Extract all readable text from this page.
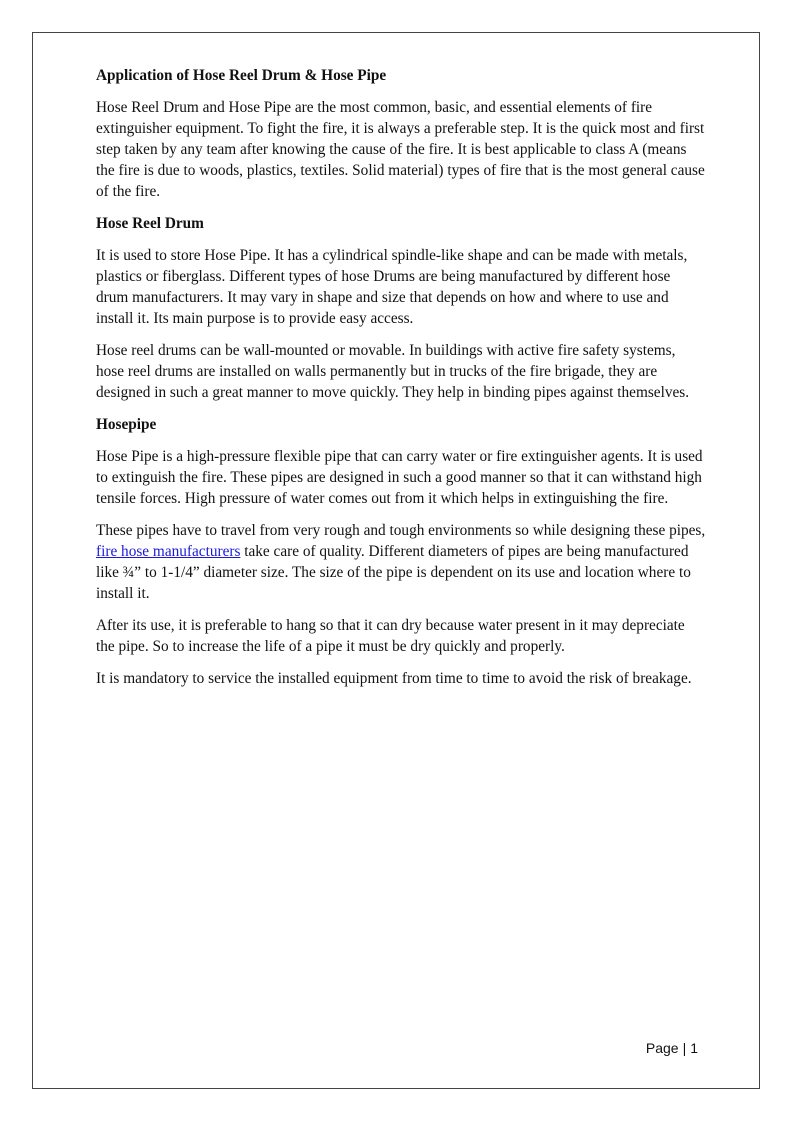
Application of Hose Reel Drum & Hose Pipe

Hose Reel Drum and Hose Pipe are the most common, basic, and essential elements of fire extinguisher equipment. To fight the fire, it is always a preferable step. It is the quick most and first step taken by any team after knowing the cause of the fire. It is best applicable to class A (means the fire is due to woods, plastics, textiles. Solid material) types of fire that is the most general cause of the fire.

Hose Reel Drum

It is used to store Hose Pipe. It has a cylindrical spindle-like shape and can be made with metals, plastics or fiberglass. Different types of hose Drums are being manufactured by different hose drum manufacturers. It may vary in shape and size that depends on how and where to use and install it. Its main purpose is to provide easy access.

Hose reel drums can be wall-mounted or movable. In buildings with active fire safety systems, hose reel drums are installed on walls permanently but in trucks of the fire brigade, they are designed in such a great manner to move quickly. They help in binding pipes against themselves.

Hosepipe

Hose Pipe is a high-pressure flexible pipe that can carry water or fire extinguisher agents. It is used to extinguish the fire. These pipes are designed in such a good manner so that it can withstand high tensile forces. High pressure of water comes out from it which helps in extinguishing the fire.

These pipes have to travel from very rough and tough environments so while designing these pipes, fire hose manufacturers take care of quality. Different diameters of pipes are being manufactured like ¾” to 1-1/4” diameter size. The size of the pipe is dependent on its use and location where to install it.

After its use, it is preferable to hang so that it can dry because water present in it may depreciate the pipe. So to increase the life of a pipe it must be dry quickly and properly.

It is mandatory to service the installed equipment from time to time to avoid the risk of breakage.

Page | 1
